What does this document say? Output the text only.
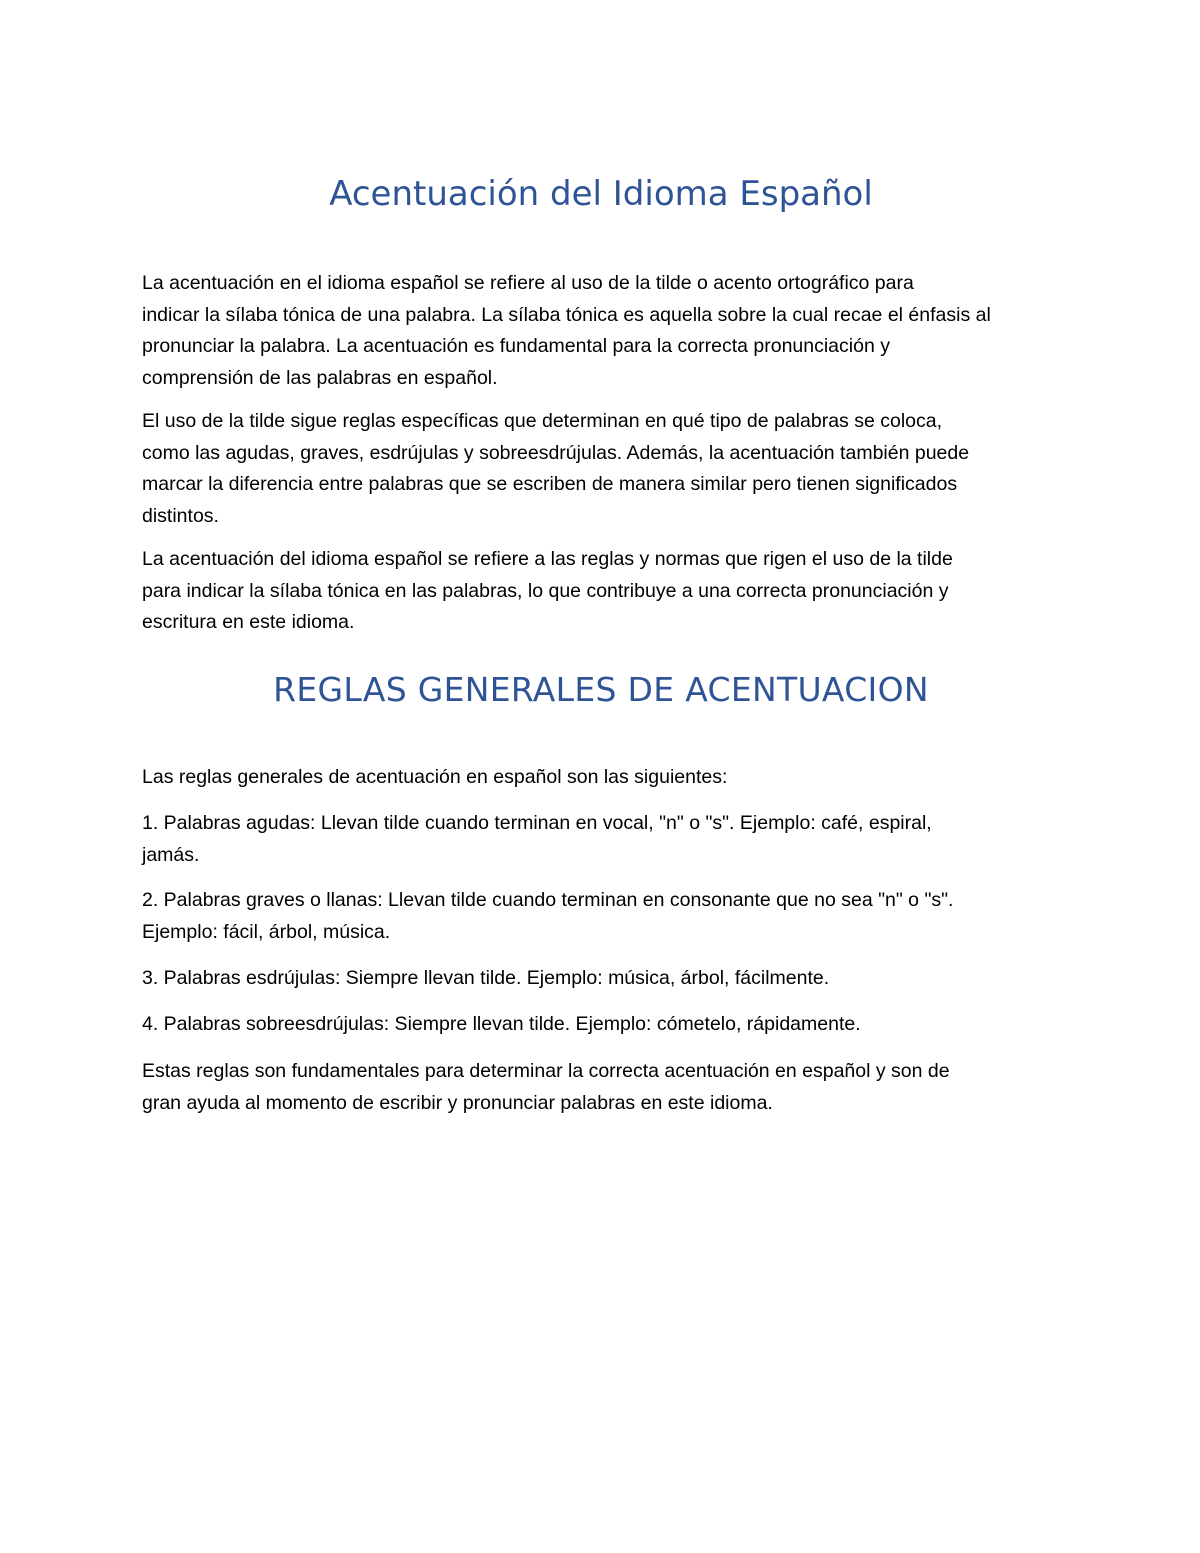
Acentuación del Idioma Español

La acentuación en el idioma español se refiere al uso de la tilde o acento ortográfico para
indicar la sílaba tónica de una palabra. La sílaba tónica es aquella sobre la cual recae el énfasis al
pronunciar la palabra. La acentuación es fundamental para la correcta pronunciación y
comprensión de las palabras en español.

El uso de la tilde sigue reglas específicas que determinan en qué tipo de palabras se coloca,
como las agudas, graves, esdrújulas y sobreesdrújulas. Además, la acentuación también puede
marcar la diferencia entre palabras que se escriben de manera similar pero tienen significados
distintos.

La acentuación del idioma español se refiere a las reglas y normas que rigen el uso de la tilde
para indicar la sílaba tónica en las palabras, lo que contribuye a una correcta pronunciación y
escritura en este idioma.

REGLAS GENERALES DE ACENTUACION

Las reglas generales de acentuación en español son las siguientes:

1. Palabras agudas: Llevan tilde cuando terminan en vocal, "n" o "s". Ejemplo: café, espiral,
jamás.

2. Palabras graves o llanas: Llevan tilde cuando terminan en consonante que no sea "n" o "s".
Ejemplo: fácil, árbol, música.

3. Palabras esdrújulas: Siempre llevan tilde. Ejemplo: música, árbol, fácilmente.

4. Palabras sobreesdrújulas: Siempre llevan tilde. Ejemplo: cómetelo, rápidamente.

Estas reglas son fundamentales para determinar la correcta acentuación en español y son de
gran ayuda al momento de escribir y pronunciar palabras en este idioma.
